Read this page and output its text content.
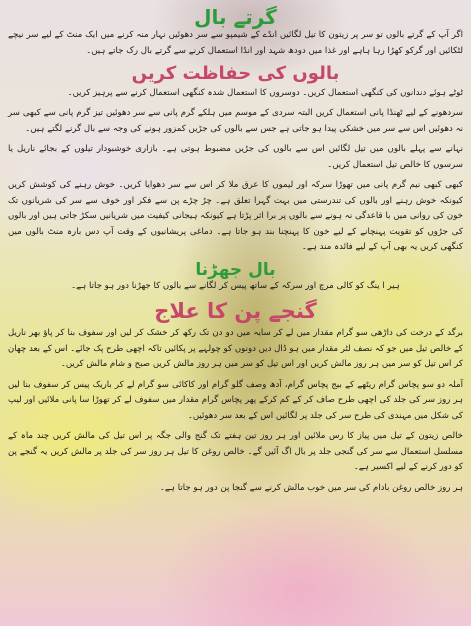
گرتے بال

اگر آپ کے گرتے بالوں تو سر پر زیتون کا تیل لگائیں انڈے کے شیمپو سے سر دھوئیں نہار منہ کرنے میں ایک منٹ کے لیے سر نیچے لٹکائیں اور گرکو کھڑا رہا ہاہے اور غذا میں دودھ شہد اور انڈا استعمال کرنے سے گرتے بال رک جاتے ہیں۔

بالوں کی حفاظت کریں

ٹوٹے ہوئے دندانوں کی کنگھی استعمال کریں۔ دوسروں کا استعمال شدہ کنگھی استعمال کرنے سے پرہیز کریں۔

سردھونے کے لیے ٹھنڈا پانی استعمال کریں البتہ سردی کے موسم میں ہلکے گرم پانی سے سر دھوئیں تیز گرم پانی سے کبھی سر نہ دھوئیں اس سے سر میں خشکی پیدا ہو جاتی ہے جس سے بالوں کی جڑیں کمزور ہونے کی وجہ سے بال گرنے لگتے ہیں۔

نہانے سے پہلے بالوں میں تیل لگائیں اس سے بالوں کی جڑیں مضبوط ہوتی ہے۔ بازاری خوشبودار تیلوں کے بجائے ناریل یا سرسوں کا خالص تیل استعمال کریں۔

کبھی کبھی نیم گرم پانی میں تھوڑا سرکہ اور لیموں کا عرق ملا کر اس سے سر دھوایا کریں۔ خوش رہنے کی کوشش کریں کیونکہ خوش رہنے اور بالوں کی تندرستی میں بہت گہرا تعلق ہے۔ چڑ چڑے پن سے فکر اور خوف سے سر کی شریانوں تک خون کی روانی میں با قاعدگی نہ ہونے سے بالوں پر برا اثر پڑتا ہے کیونکہ ہیجانی کیفیت میں شریانیں سکڑ جاتی ہیں اور بالوں کی جڑوں کو تقویت پہنچانے کے لیے خون کا پہنچنا بند ہو جاتا ہے۔ دماغی پریشانیوں کے وقت آپ دس بارہ منٹ بالوں میں کنگھی کریں یہ بھی آپ کے لیے فائدہ مند ہے۔

بال جھڑنا

ہیر ا ینگ کو کالی مرچ اور سرکہ کے ساتھ پیس کر لگانے سے بالوں کا جھڑنا دور ہو جاتا ہے۔

گنجے پن کا علاج

برگد کے درخت کی داڑھی سو گرام مقدار میں لے کر سایہ میں دو دن تک رکھ کر خشک کر لیں اور سفوف بنا کر پاؤ بھر ناریل کے خالص تیل میں جو کہ نصف لٹر مقدار میں ہو ڈال دیں دونوں کو چولہے پر پکائیں تاکہ اچھی طرح پک جائے۔ اس کے بعد چھان کر اس تیل کو سر میں ہر روز مالش کریں اور اس تیل کو سر میں ہر روز مالش کریں صبح و شام مالش کریں۔

آملہ دو سو پچاس گرام ریٹھے کے بیج پچاس گرام، آدھ وصف گلو گرام اور کاکائی سو گرام لے کر باریک پیس کر سفوف بنا لیں ہر روز سر کی جلد کی اچھی طرح صاف کر کے کم کرکے پھر پچاس گرام مقدار میں سفوف لے کر تھوڑا سا پانی ملائیں اور لیپ کی شکل میں مہندی کی طرح سر کی جلد پر لگائیں اس کے بعد سر دھوئیں۔

خالص زیتون کے تیل میں پیاز کا رس ملائیں اور ہر روز تین ہفتے تک گنج والی جگہ پر اس تیل کی مالش کریں چند ماہ کے مسلسل استعمال سے سر کی گنجی جلد پر بال اگ آئیں گے۔ خالص روغن کا تیل ہر روز سر کی جلد پر مالش کریں یہ گنجے پن کو دور کرنے کے لیے اکسیر ہے۔

ہر روز خالص روغن بادام کی سر میں خوب مالش کرنے سے گنجا پن دور ہو جاتا ہے۔
